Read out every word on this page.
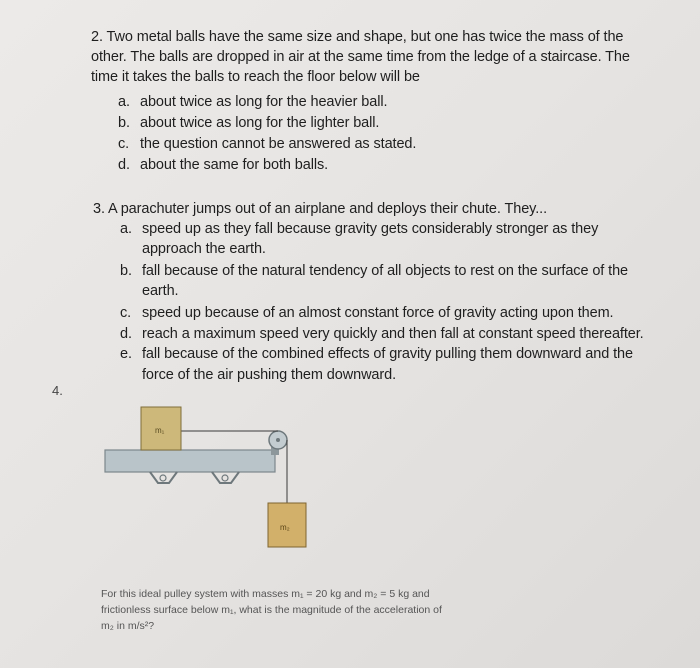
2. Two metal balls have the same size and shape, but one has twice the mass of the
other. The balls are dropped in air at the same time from the ledge of a staircase. The
time it takes the balls to reach the floor below will be
a. about twice as long for the heavier ball.
b. about twice as long for the lighter ball.
c. the question cannot be answered as stated.
d. about the same for both balls.
3. A parachuter jumps out of an airplane and deploys their chute. They...
a. speed up as they fall because gravity gets considerably stronger as they
approach the earth.
b. fall because of the natural tendency of all objects to rest on the surface of the
earth.
c. speed up because of an almost constant force of gravity acting upon them.
d. reach a maximum speed very quickly and then fall at constant speed thereafter.
e. fall because of the combined effects of gravity pulling them downward and the
force of the air pushing them downward.
4.
m₁
m₂
For this ideal pulley system with masses m₁ = 20 kg and m₂ = 5 kg and
frictionless surface below m₁, what is the magnitude of the acceleration of
m₂ in m/s²?
